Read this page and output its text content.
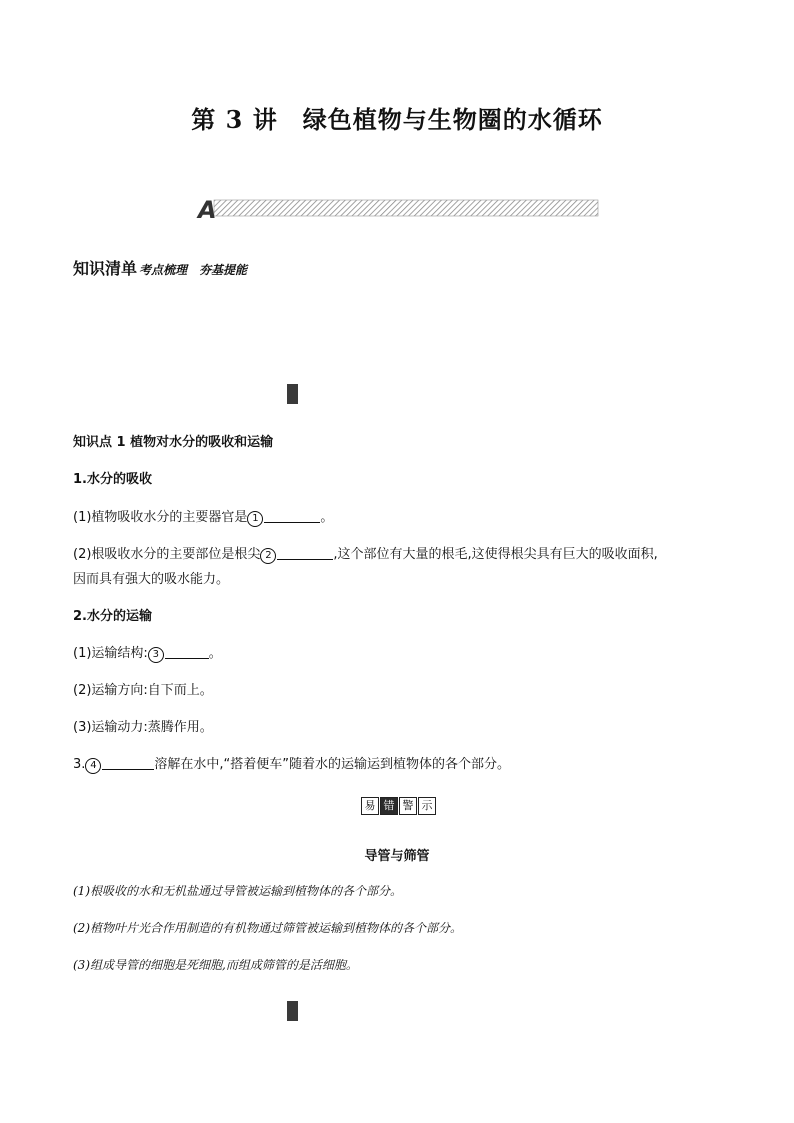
第 3 讲　绿色植物与生物圈的水循环
A
知识清单 考点梳理　夯基提能
知识点 1 植物对水分的吸收和运输
1.水分的吸收
(1)植物吸收水分的主要器官是 1	。
(2)根吸收水分的主要部位是根尖 2	,这个部位有大量的根毛,这使得根尖具有巨大的吸收面积,
因而具有强大的吸水能力。
2.水分的运输
(1)运输结构: 3	。
(2)运输方向:自下而上。
(3)运输动力:蒸腾作用。
3. 4	溶解在水中,“搭着便车”随着水的运输运到植物体的各个部分。
易 错 警 示
导管与筛管
(1)根吸收的水和无机盐通过导管被运输到植物体的各个部分。
(2)植物叶片光合作用制造的有机物通过筛管被运输到植物体的各个部分。
(3)组成导管的细胞是死细胞,而组成筛管的是活细胞。
